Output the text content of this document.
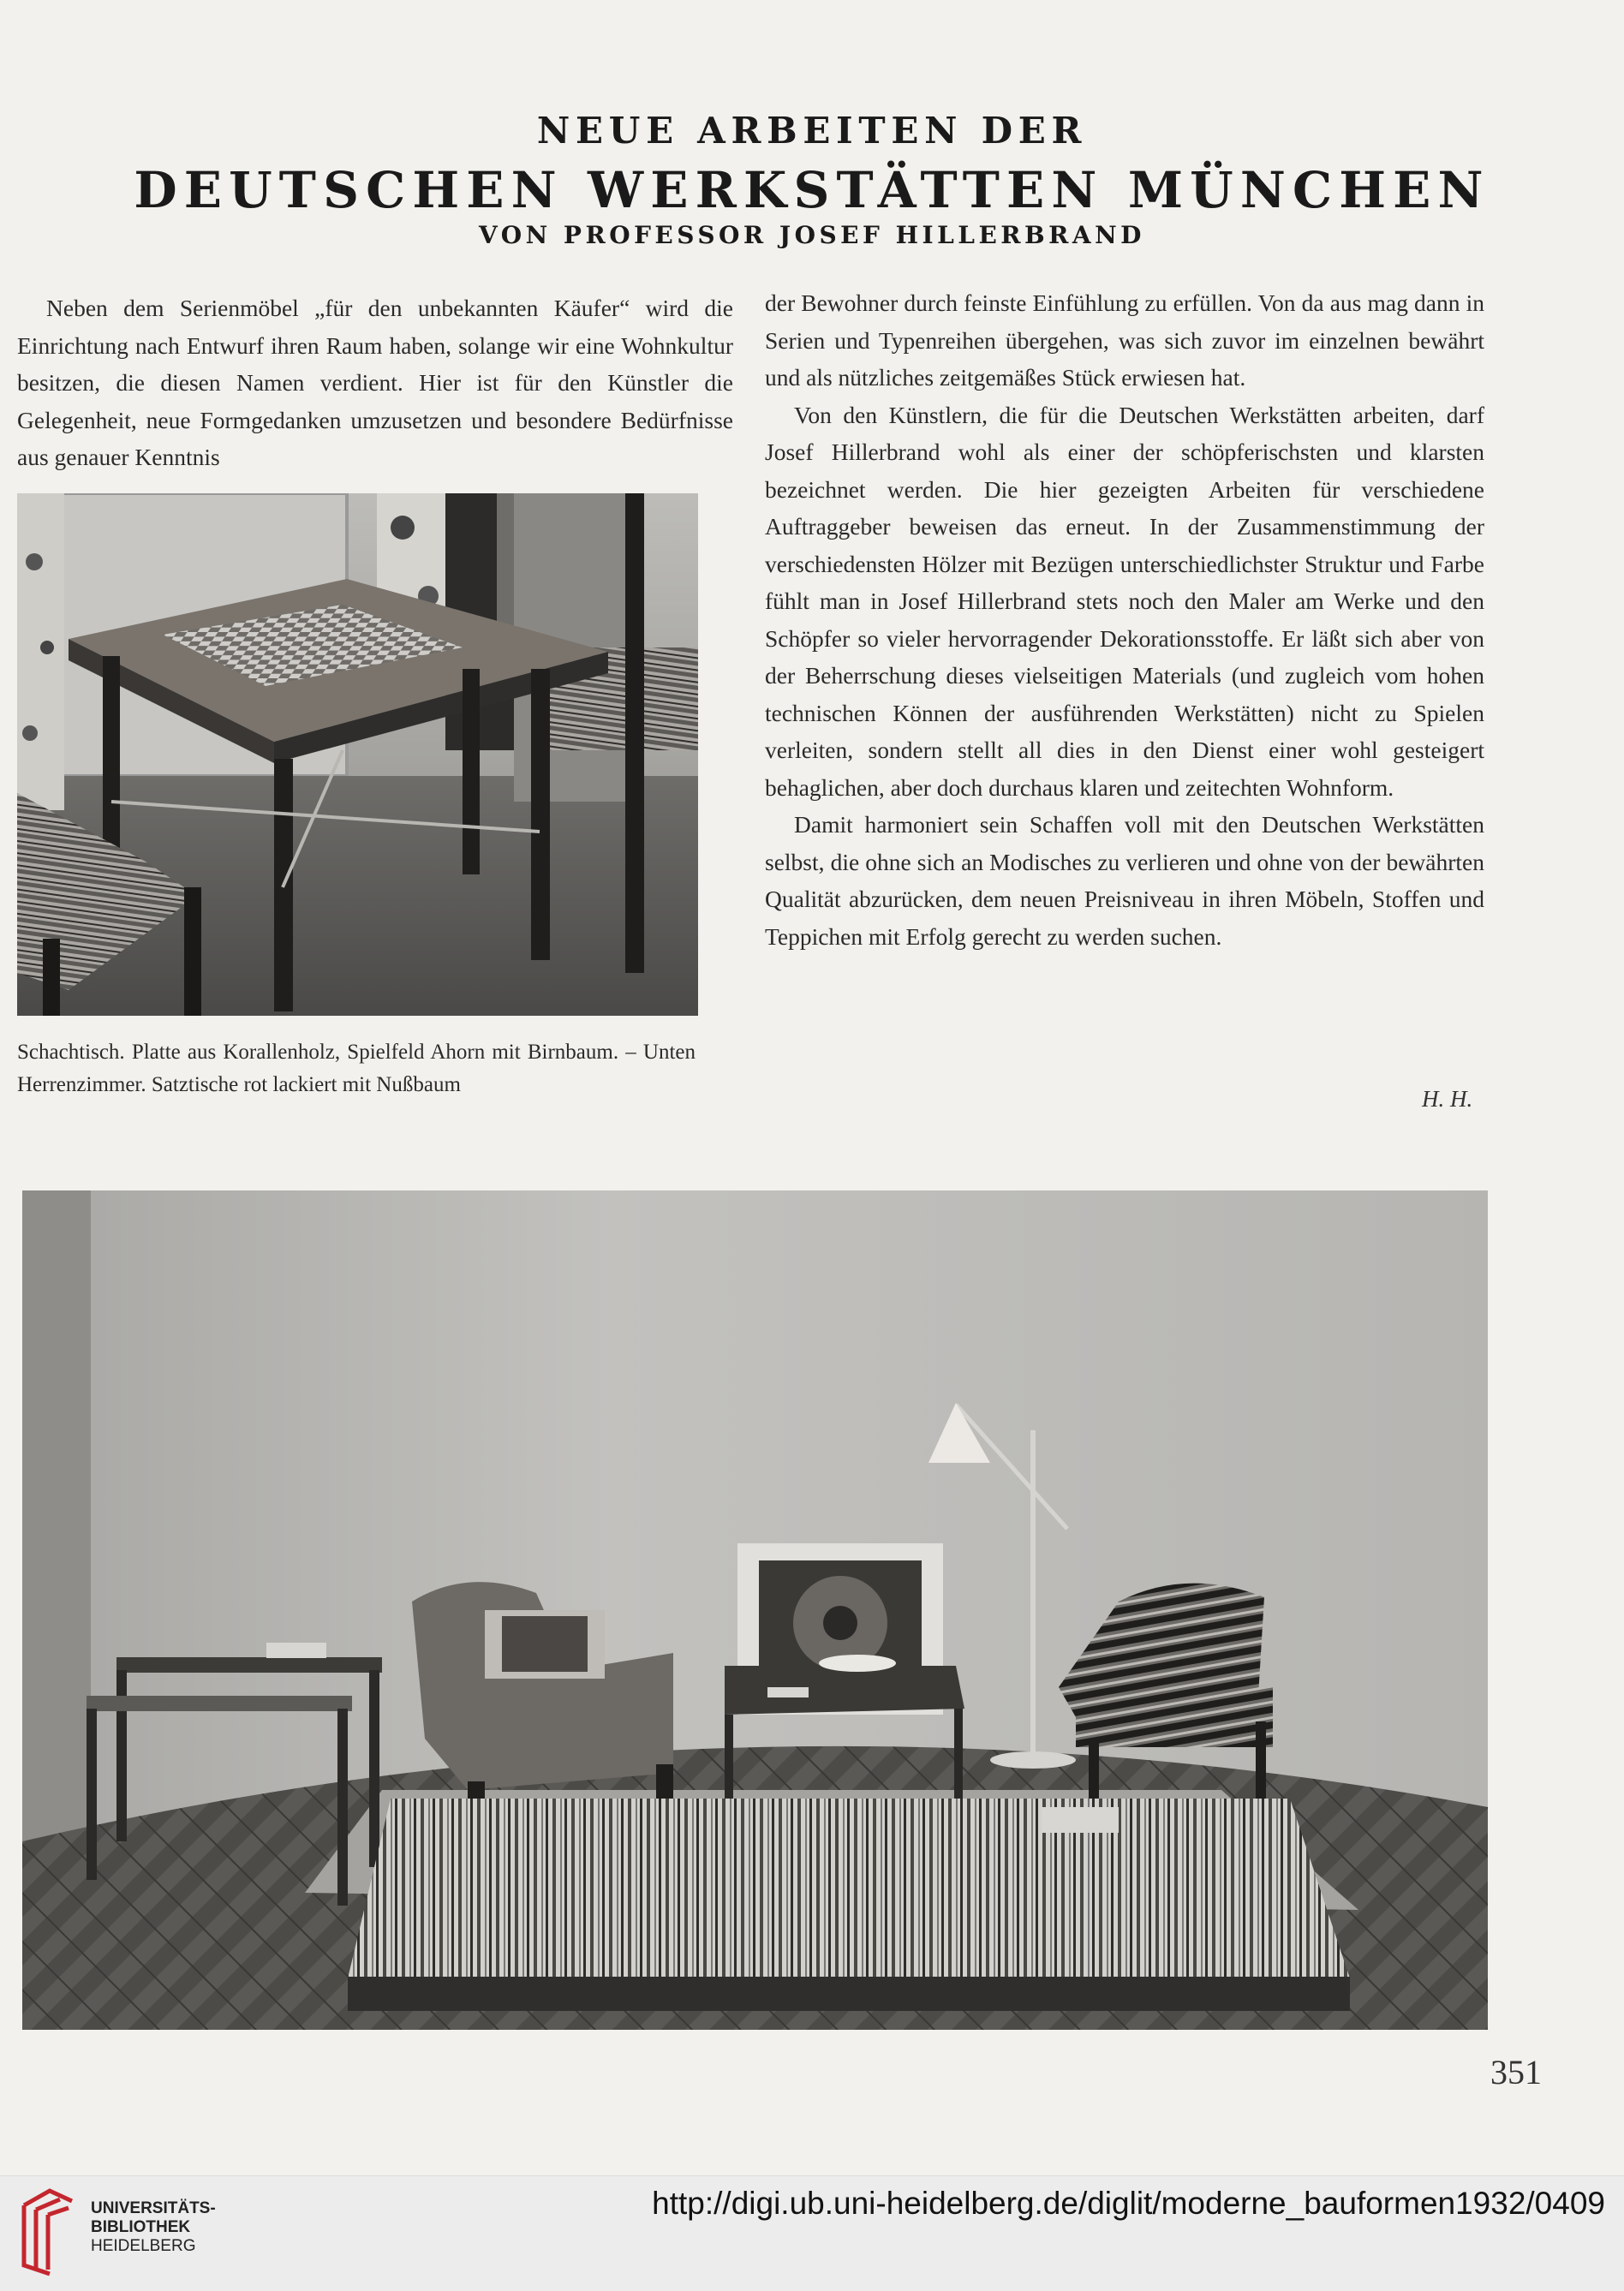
NEUE ARBEITEN DER
DEUTSCHEN WERKSTÄTTEN MÜNCHEN
VON PROFESSOR JOSEF HILLERBRAND

Neben dem Serienmöbel „für den unbekannten Käufer“ wird die Einrichtung nach Entwurf ihren Raum haben, solange wir eine Wohnkultur besitzen, die diesen Namen verdient. Hier ist für den Künstler die Gelegenheit, neue Formgedanken umzusetzen und besondere Bedürfnisse aus genauer Kenntnis

Schachtisch. Platte aus Korallenholz, Spielfeld Ahorn mit Birnbaum. – Unten Herrenzimmer. Satztische rot lackiert mit Nußbaum

der Bewohner durch feinste Einfühlung zu erfüllen. Von da aus mag dann in Serien und Typenreihen übergehen, was sich zuvor im einzelnen bewährt und als nützliches zeitgemäßes Stück erwiesen hat.

Von den Künstlern, die für die Deutschen Werkstätten arbeiten, darf Josef Hillerbrand wohl als einer der schöpferischsten und klarsten bezeichnet werden. Die hier gezeigten Arbeiten für verschiedene Auftraggeber beweisen das erneut. In der Zusammenstimmung der verschiedensten Hölzer mit Bezügen unterschiedlichster Struktur und Farbe fühlt man in Josef Hillerbrand stets noch den Maler am Werke und den Schöpfer so vieler hervorragender Dekorationsstoffe. Er läßt sich aber von der Beherrschung dieses vielseitigen Materials (und zugleich vom hohen technischen Können der ausführenden Werkstätten) nicht zu Spielen verleiten, sondern stellt all dies in den Dienst einer wohl gesteigert behaglichen, aber doch durchaus klaren und zeitechten Wohnform.

Damit harmoniert sein Schaffen voll mit den Deutschen Werkstätten selbst, die ohne sich an Modisches zu verlieren und ohne von der bewährten Qualität abzurücken, dem neuen Preisniveau in ihren Möbeln, Stoffen und Teppichen mit Erfolg gerecht zu werden suchen.

H. H.
351
UNIVERSITÄTS-
BIBLIOTHEK
HEIDELBERG
http://digi.ub.uni-heidelberg.de/diglit/moderne_bauformen1932/0409
